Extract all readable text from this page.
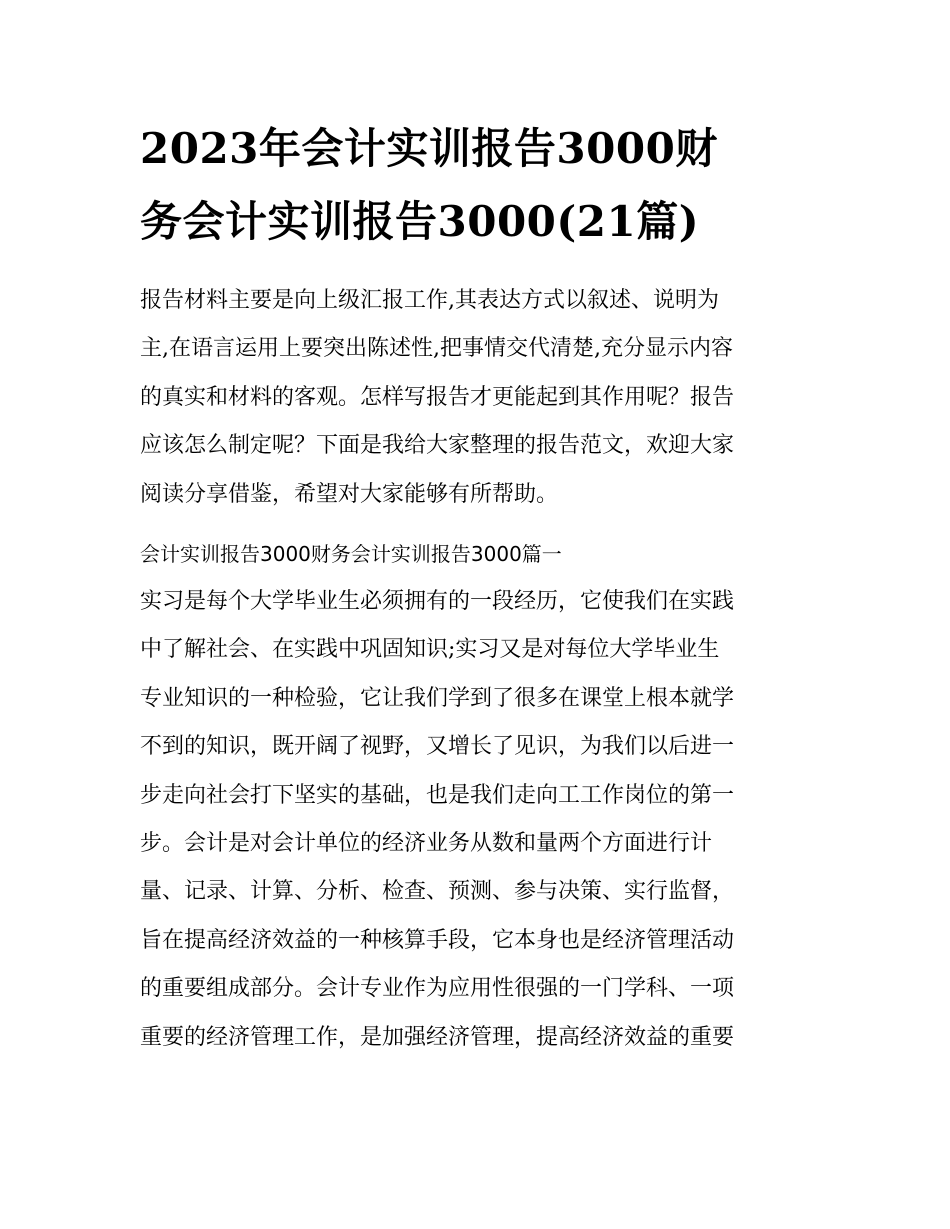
2023年会计实训报告3000财
务会计实训报告3000(21篇)
报告材料主要是向上级汇报工作,其表达方式以叙述、说明为
主,在语言运用上要突出陈述性,把事情交代清楚,充分显示内容
的真实和材料的客观。怎样写报告才更能起到其作用呢？报告
应该怎么制定呢？下面是我给大家整理的报告范文，欢迎大家
阅读分享借鉴，希望对大家能够有所帮助。
会计实训报告3000财务会计实训报告3000篇一
实习是每个大学毕业生必须拥有的一段经历，它使我们在实践
中了解社会、在实践中巩固知识;实习又是对每位大学毕业生
专业知识的一种检验，它让我们学到了很多在课堂上根本就学
不到的知识，既开阔了视野，又增长了见识，为我们以后进一
步走向社会打下坚实的基础，也是我们走向工工作岗位的第一
步。会计是对会计单位的经济业务从数和量两个方面进行计
量、记录、计算、分析、检查、预测、参与决策、实行监督，
旨在提高经济效益的一种核算手段，它本身也是经济管理活动
的重要组成部分。会计专业作为应用性很强的一门学科、一项
重要的经济管理工作，是加强经济管理，提高经济效益的重要
